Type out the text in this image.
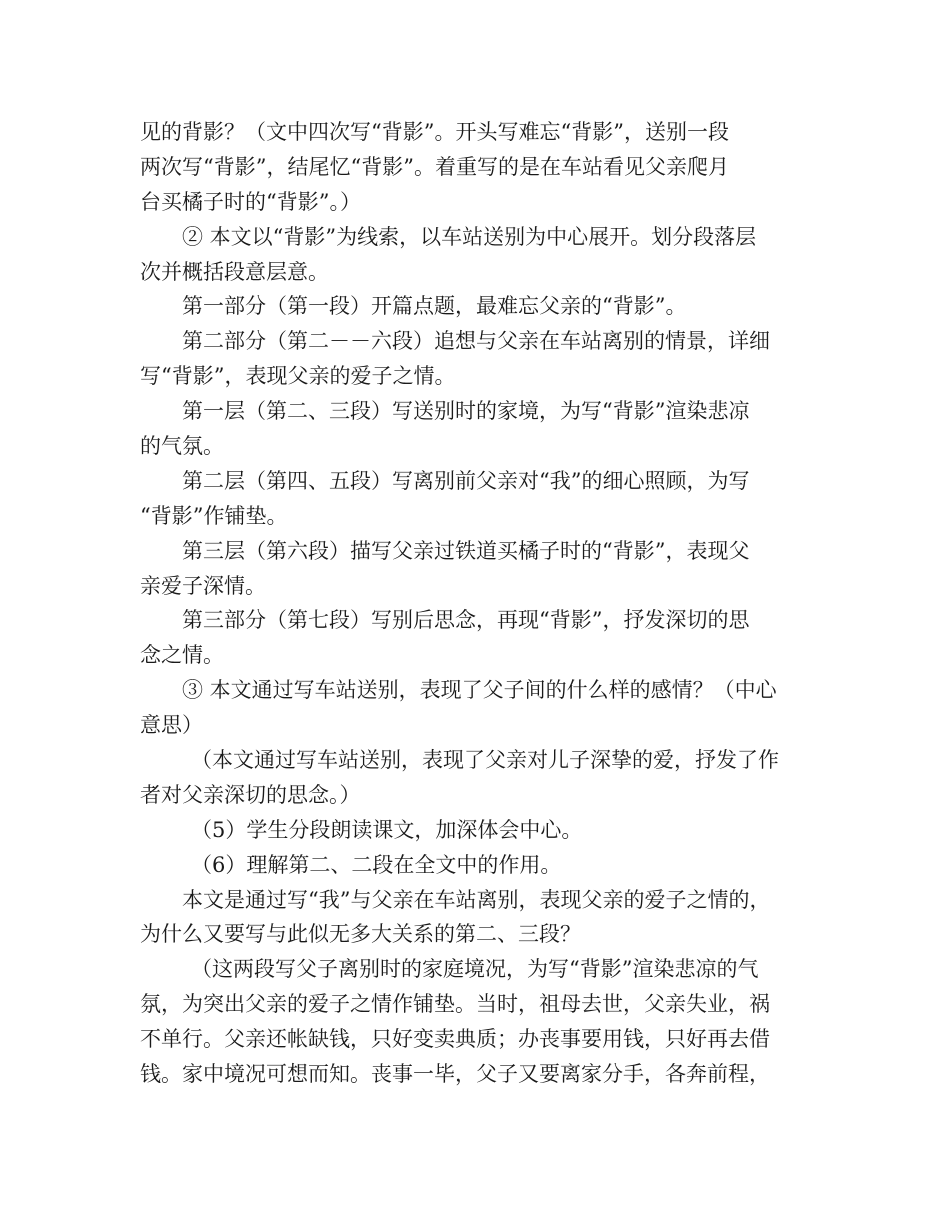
见的背影？（文中四次写“背影”。开头写难忘“背影”，送别一段
两次写“背影”，结尾忆“背影”。着重写的是在车站看见父亲爬月
台买橘子时的“背影”。）
② 本文以“背影”为线索，以车站送别为中心展开。划分段落层
次并概括段意层意。
第一部分（第一段）开篇点题，最难忘父亲的“背影”。
第二部分（第二－－六段）追想与父亲在车站离别的情景，详细
写“背影”，表现父亲的爱子之情。
第一层（第二、三段）写送别时的家境，为写“背影”渲染悲凉
的气氛。
第二层（第四、五段）写离别前父亲对“我”的细心照顾，为写
“背影”作铺垫。
第三层（第六段）描写父亲过铁道买橘子时的“背影”，表现父
亲爱子深情。
第三部分（第七段）写别后思念，再现“背影”，抒发深切的思
念之情。
③ 本文通过写车站送别，表现了父子间的什么样的感情？（中心
意思）
（本文通过写车站送别，表现了父亲对儿子深挚的爱，抒发了作
者对父亲深切的思念。）
（5）学生分段朗读课文，加深体会中心。
（6）理解第二、二段在全文中的作用。
本文是通过写“我”与父亲在车站离别，表现父亲的爱子之情的，
为什么又要写与此似无多大关系的第二、三段？
（这两段写父子离别时的家庭境况，为写“背影”渲染悲凉的气
氛，为突出父亲的爱子之情作铺垫。当时，祖母去世，父亲失业，祸
不单行。父亲还帐缺钱，只好变卖典质；办丧事要用钱，只好再去借
钱。家中境况可想而知。丧事一毕，父子又要离家分手，各奔前程，
